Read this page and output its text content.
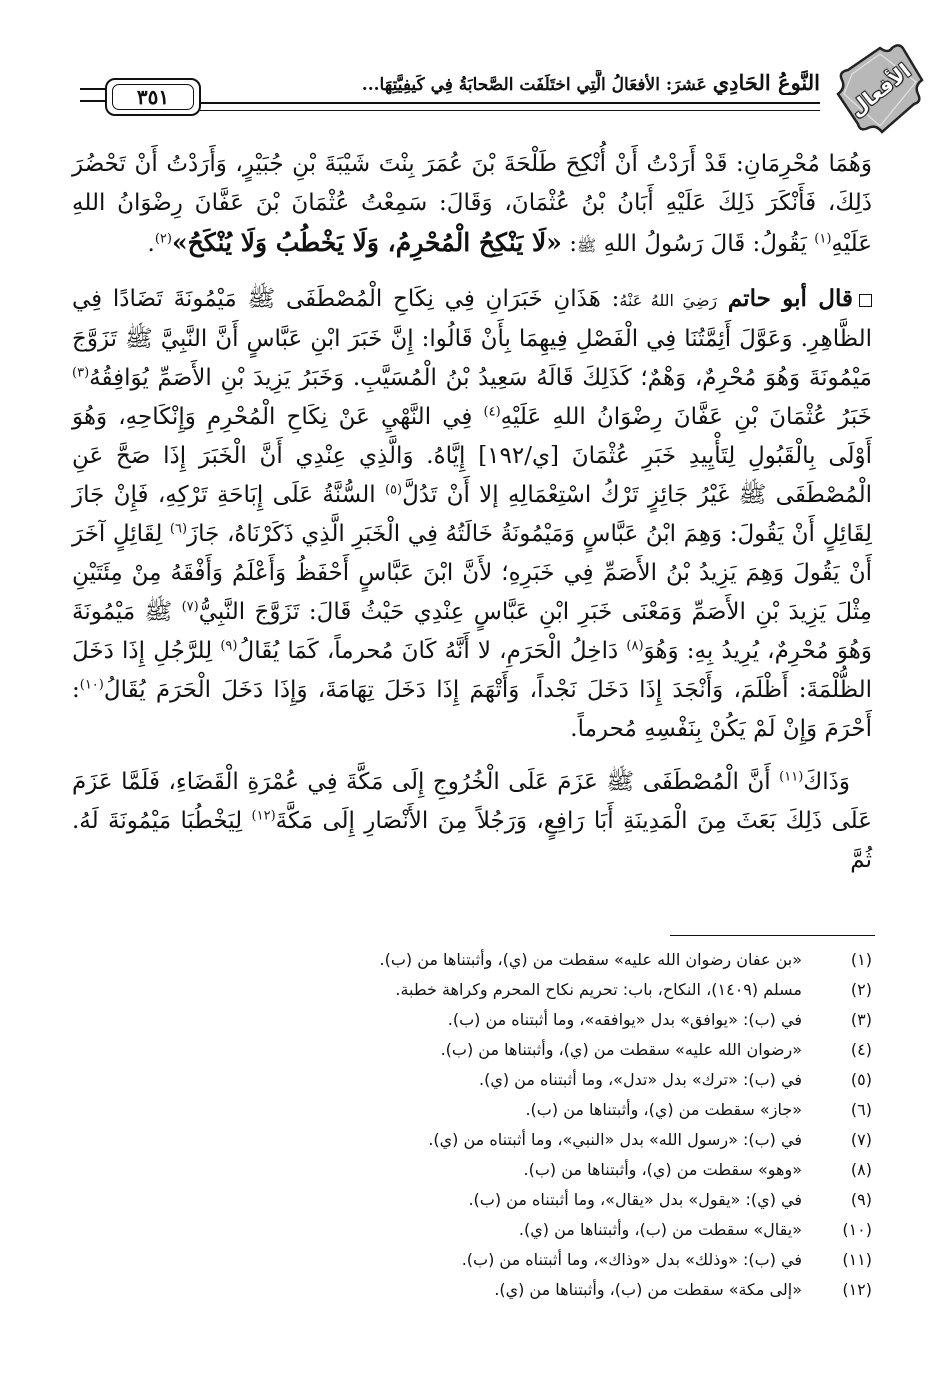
الأفعال
النَّوعُ الحَادِي عَشرَ: الأفعَالُ الَّتِي اختَلَفَت الصَّحابَةُ فِي كَيفِيَّتِهَا...
٣٥١

وَهُمَا مُحْرِمَانِ: قَدْ أَرَدْتُ أَنْ أُنْكِحَ طَلْحَةَ بْنَ عُمَرَ بِنْتَ شَيْبَةَ بْنِ جُبَيْرٍ، وَأَرَدْتُ أَنْ تَحْضُرَ ذَلِكَ، فَأَنْكَرَ ذَلِكَ عَلَيْهِ أَبَانُ بْنُ عُثْمَانَ، وَقَالَ: سَمِعْتُ عُثْمَانَ بْنَ عَفَّانَ رِضْوَانُ اللهِ عَلَيْهِ$^{(١)}$ يَقُولُ: قَالَ رَسُولُ اللهِ ﷺ: «لَا يَنْكِحُ الْمُحْرِمُ، وَلَا يَخْطُبُ وَلَا يُنْكَحُ»$^{(٢)}$.

قال أبو حاتم رَضِيَ اللهُ عَنْهُ: هَذَانِ خَبَرَانِ فِي نِكَاحِ الْمُصْطَفَى ﷺ مَيْمُونَةَ تَضَادًا فِي الظَّاهِرِ. وَعَوَّلَ أَئِمَّتُنَا فِي الْفَصْلِ فِيهِمَا بِأَنْ قَالُوا: إِنَّ خَبَرَ ابْنِ عَبَّاسٍ أَنَّ النَّبِيَّ ﷺ تَزَوَّجَ مَيْمُونَةَ وَهُوَ مُحْرِمٌ، وَهْمٌ؛ كَذَلِكَ قَالَهُ سَعِيدُ بْنُ الْمُسَيَّبِ. وَخَبَرُ يَزِيدَ بْنِ الأَصَمِّ يُوَافِقُهُ$^{(٣)}$ خَبَرُ عُثْمَانَ بْنِ عَفَّانَ رِضْوَانُ اللهِ عَلَيْهِ$^{(٤)}$ فِي النَّهْيِ عَنْ نِكَاحِ الْمُحْرِمِ وَإِنْكَاحِهِ، وَهُوَ أَوْلَى بِالْقَبُولِ لِتَأْيِيدِ خَبَرِ عُثْمَانَ [ي/١٩٢] إِيَّاهُ. وَالَّذِي عِنْدِي أَنَّ الْخَبَرَ إِذَا صَحَّ عَنِ الْمُصْطَفَى ﷺ غَيْرُ جَائِزٍ تَرْكُ اسْتِعْمَالِهِ إلا أَنْ تَدُلَّ$^{(٥)}$ السُّنَّةُ عَلَى إِبَاحَةِ تَرْكِهِ، فَإِنْ جَازَ لِقَائِلٍ أَنْ يَقُولَ: وَهِمَ ابْنُ عَبَّاسٍ وَمَيْمُونَةُ خَالَتُهُ فِي الْخَبَرِ الَّذِي ذَكَرْنَاهُ، جَازَ$^{(٦)}$ لِقَائِلٍ آخَرَ أَنْ يَقُولَ وَهِمَ يَزِيدُ بْنُ الأَصَمِّ فِي خَبَرِهِ؛ لأَنَّ ابْنَ عَبَّاسٍ أَحْفَظُ وَأَعْلَمُ وَأَفْقَهُ مِنْ مِئَتَيْنِ مِثْلَ يَزِيدَ بْنِ الأَصَمِّ وَمَعْنَى خَبَرِ ابْنِ عَبَّاسٍ عِنْدِي حَيْثُ قَالَ: تَزَوَّجَ النَّبِيُّ$^{(٧)}$ ﷺ مَيْمُونَةَ وَهُوَ مُحْرِمٌ، يُرِيدُ بِهِ: وَهُوَ$^{(٨)}$ دَاخِلُ الْحَرَمِ، لا أَنَّهُ كَانَ مُحرماً، كَمَا يُقَالُ$^{(٩)}$ لِلرَّجُلِ إِذَا دَخَلَ الظُّلْمَةَ: أَظْلَمَ، وَأَنْجَدَ إِذَا دَخَلَ نَجْداً، وَأَتْهَمَ إِذَا دَخَلَ تِهَامَةَ، وَإِذَا دَخَلَ الْحَرَمَ يُقَالُ$^{(١٠)}$: أَحْرَمَ وَإِنْ لَمْ يَكُنْ بِنَفْسِهِ مُحرماً.

وَذَاكَ$^{(١١)}$ أَنَّ الْمُصْطَفَى ﷺ عَزَمَ عَلَى الْخُرُوجِ إِلَى مَكَّةَ فِي عُمْرَةِ الْقَضَاءِ، فَلَمَّا عَزَمَ عَلَى ذَلِكَ بَعَثَ مِنَ الْمَدِينَةِ أَبَا رَافِعٍ، وَرَجُلاً مِنَ الأَنْصَارِ إِلَى مَكَّةَ$^{(١٢)}$ لِيَخْطُبَا مَيْمُونَةَ لَهُ. ثُمَّ

(١)
«بن عفان رضوان الله عليه» سقطت من (ي)، وأثبتناها من (ب).
(٢)
مسلم (١٤٠٩)، النكاح، باب: تحريم نكاح المحرم وكراهة خطبة.
(٣)
في (ب): «يوافق» بدل «يوافقه»، وما أثبتناه من (ب).
(٤)
«رضوان الله عليه» سقطت من (ي)، وأثبتناها من (ب).
(٥)
في (ب): «ترك» بدل «تدل»، وما أثبتناه من (ي).
(٦)
«جاز» سقطت من (ي)، وأثبتناها من (ب).
(٧)
في (ب): «رسول الله» بدل «النبي»، وما أثبتناه من (ي).
(٨)
«وهو» سقطت من (ي)، وأثبتناها من (ب).
(٩)
في (ي): «يقول» بدل «يقال»، وما أثبتناه من (ب).
(١٠)
«يقال» سقطت من (ب)، وأثبتناها من (ي).
(١١)
في (ب): «وذلك» بدل «وذاك»، وما أثبتناه من (ب).
(١٢)
«إلى مكة» سقطت من (ب)، وأثبتناها من (ي).
